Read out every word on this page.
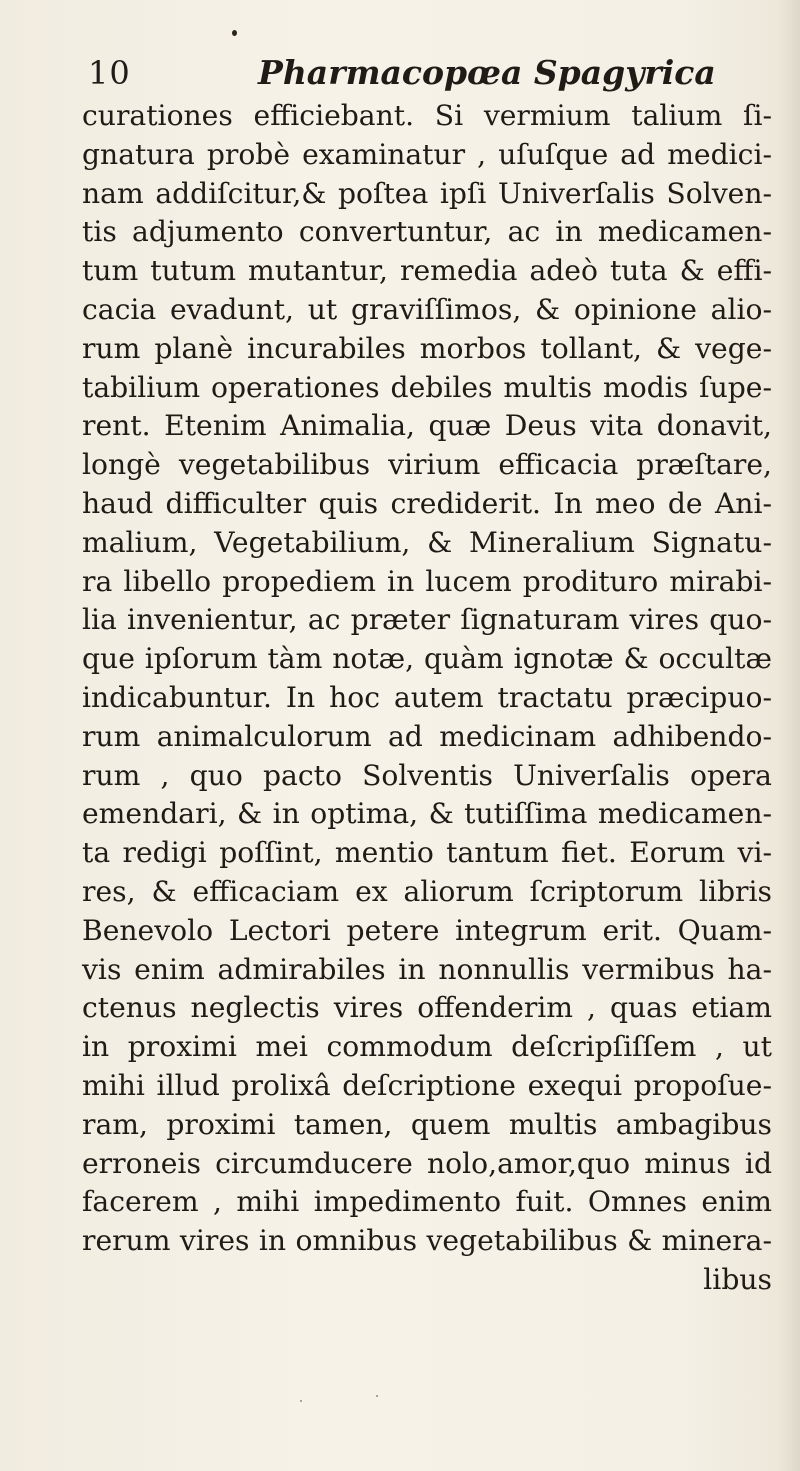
10	Pharmacopœa Spagyrica
curationes efficiebant. Si vermium talium ſi-
gnatura probè examinatur , uſuſque ad medici-
nam addiſcitur,& poſtea ipſi Univerſalis Solven-
tis adjumento convertuntur, ac in medicamen-
tum tutum mutantur, remedia adeò tuta & effi-
cacia evadunt, ut graviſſimos, & opinione alio-
rum planè incurabiles morbos tollant, & vege-
tabilium operationes debiles multis modis ſupe-
rent. Etenim Animalia, quæ Deus vita donavit,
longè vegetabilibus virium efficacia præſtare,
haud difficulter quis crediderit. In meo de Ani-
malium, Vegetabilium, & Mineralium Signatu-
ra libello propediem in lucem prodituro mirabi-
lia invenientur, ac præter ſignaturam vires quo-
que ipſorum tàm notæ, quàm ignotæ & occultæ
indicabuntur. In hoc autem tractatu præcipuo-
rum animalculorum ad medicinam adhibendo-
rum , quo pacto Solventis Univerſalis opera
emendari, & in optima, & tutiſſima medicamen-
ta redigi poſſint, mentio tantum fiet. Eorum vi-
res, & efficaciam ex aliorum ſcriptorum libris
Benevolo Lectori petere integrum erit. Quam-
vis enim admirabiles in nonnullis vermibus ha-
ctenus neglectis vires offenderim , quas etiam
in proximi mei commodum deſcripſiſſem , ut
mihi illud prolixâ deſcriptione exequi propoſue-
ram, proximi tamen, quem multis ambagibus
erroneis circumducere nolo,amor,quo minus id
facerem , mihi impedimento fuit. Omnes enim
rerum vires in omnibus vegetabilibus & minera-
libus
